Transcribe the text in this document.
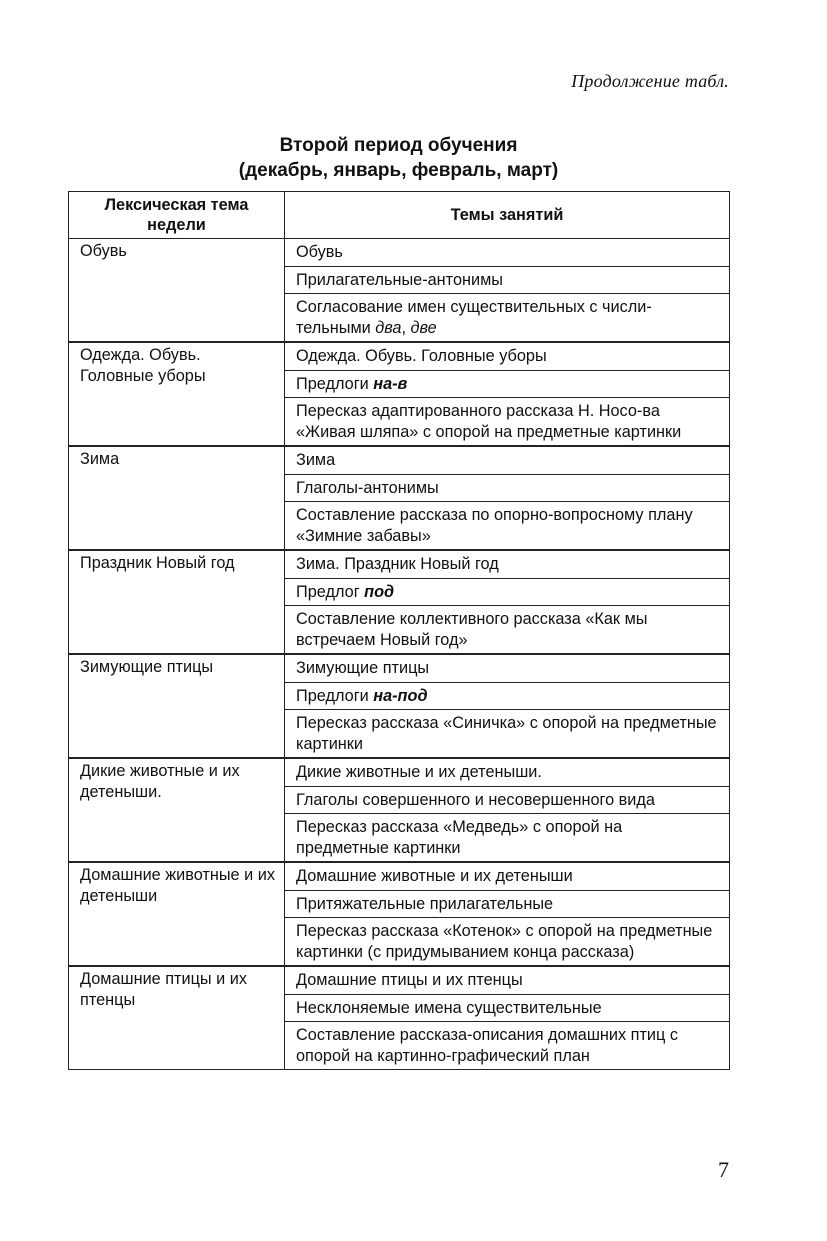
Продолжение табл.
Второй период обучения
(декабрь, январь, февраль, март)
Лексическая тема недели	Темы занятий
Обувь	Обувь
	Прилагательные-антонимы
	Согласование имен существительных с числи-тельными два, две
Одежда. Обувь. Головные уборы	Одежда. Обувь. Головные уборы
	Предлоги на-в
	Пересказ адаптированного рассказа Н. Носо-ва «Живая шляпа» с опорой на предметные картинки
Зима	Зима
	Глаголы-антонимы
	Составление рассказа по опорно-вопросному плану «Зимние забавы»
Праздник Новый год	Зима. Праздник Новый год
	Предлог под
	Составление коллективного рассказа «Как мы встречаем Новый год»
Зимующие птицы	Зимующие птицы
	Предлоги на-под
	Пересказ рассказа «Синичка» с опорой на предметные картинки
Дикие животные и их детеныши.	Дикие животные и их детеныши.
	Глаголы совершенного и несовершенного вида
	Пересказ рассказа «Медведь» с опорой на предметные картинки
Домашние животные и их детеныши	Домашние животные и их детеныши
	Притяжательные прилагательные
	Пересказ рассказа «Котенок» с опорой на предметные картинки (с придумыванием конца рассказа)
Домашние птицы и их птенцы	Домашние птицы и их птенцы
	Несклоняемые имена существительные
	Составление рассказа-описания домашних птиц с опорой на картинно-графический план
7
